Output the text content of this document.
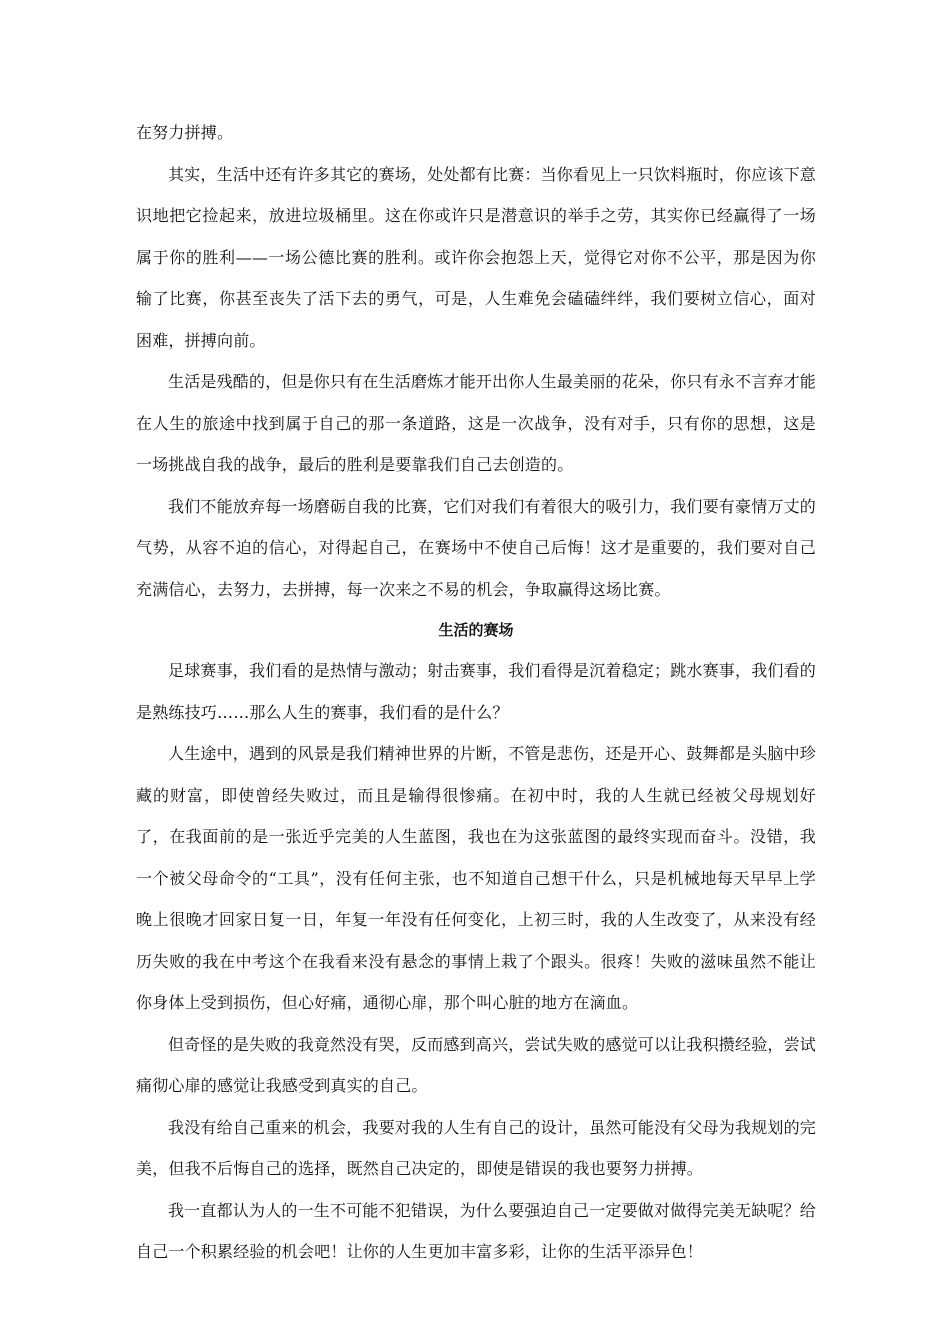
在努力拼搏。

其实，生活中还有许多其它的赛场，处处都有比赛：当你看见上一只饮料瓶时，你应该下意识地把它捡起来，放进垃圾桶里。这在你或许只是潜意识的举手之劳，其实你已经赢得了一场属于你的胜利——一场公德比赛的胜利。或许你会抱怨上天，觉得它对你不公平，那是因为你输了比赛，你甚至丧失了活下去的勇气，可是，人生难免会磕磕绊绊，我们要树立信心，面对困难，拼搏向前。

生活是残酷的，但是你只有在生活磨炼才能开出你人生最美丽的花朵，你只有永不言弃才能在人生的旅途中找到属于自己的那一条道路，这是一次战争，没有对手，只有你的思想，这是一场挑战自我的战争，最后的胜利是要靠我们自己去创造的。

我们不能放弃每一场磨砺自我的比赛，它们对我们有着很大的吸引力，我们要有豪情万丈的气势，从容不迫的信心，对得起自己，在赛场中不使自己后悔！这才是重要的，我们要对自己充满信心，去努力，去拼搏，每一次来之不易的机会，争取赢得这场比赛。

生活的赛场

足球赛事，我们看的是热情与激动；射击赛事，我们看得是沉着稳定；跳水赛事，我们看的是熟练技巧……那么人生的赛事，我们看的是什么？

人生途中，遇到的风景是我们精神世界的片断，不管是悲伤，还是开心、鼓舞都是头脑中珍藏的财富，即使曾经失败过，而且是输得很惨痛。在初中时，我的人生就已经被父母规划好了，在我面前的是一张近乎完美的人生蓝图，我也在为这张蓝图的最终实现而奋斗。没错，我一个被父母命令的“工具”，没有任何主张，也不知道自己想干什么，只是机械地每天早早上学晚上很晚才回家日复一日，年复一年没有任何变化，上初三时，我的人生改变了，从来没有经历失败的我在中考这个在我看来没有悬念的事情上栽了个跟头。很疼！失败的滋味虽然不能让你身体上受到损伤，但心好痛，通彻心扉，那个叫心脏的地方在滴血。

但奇怪的是失败的我竟然没有哭，反而感到高兴，尝试失败的感觉可以让我积攒经验，尝试痛彻心扉的感觉让我感受到真实的自己。

我没有给自己重来的机会，我要对我的人生有自己的设计，虽然可能没有父母为我规划的完美，但我不后悔自己的选择，既然自己决定的，即使是错误的我也要努力拼搏。

我一直都认为人的一生不可能不犯错误，为什么要强迫自己一定要做对做得完美无缺呢？给自己一个积累经验的机会吧！让你的人生更加丰富多彩，让你的生活平添异色！
